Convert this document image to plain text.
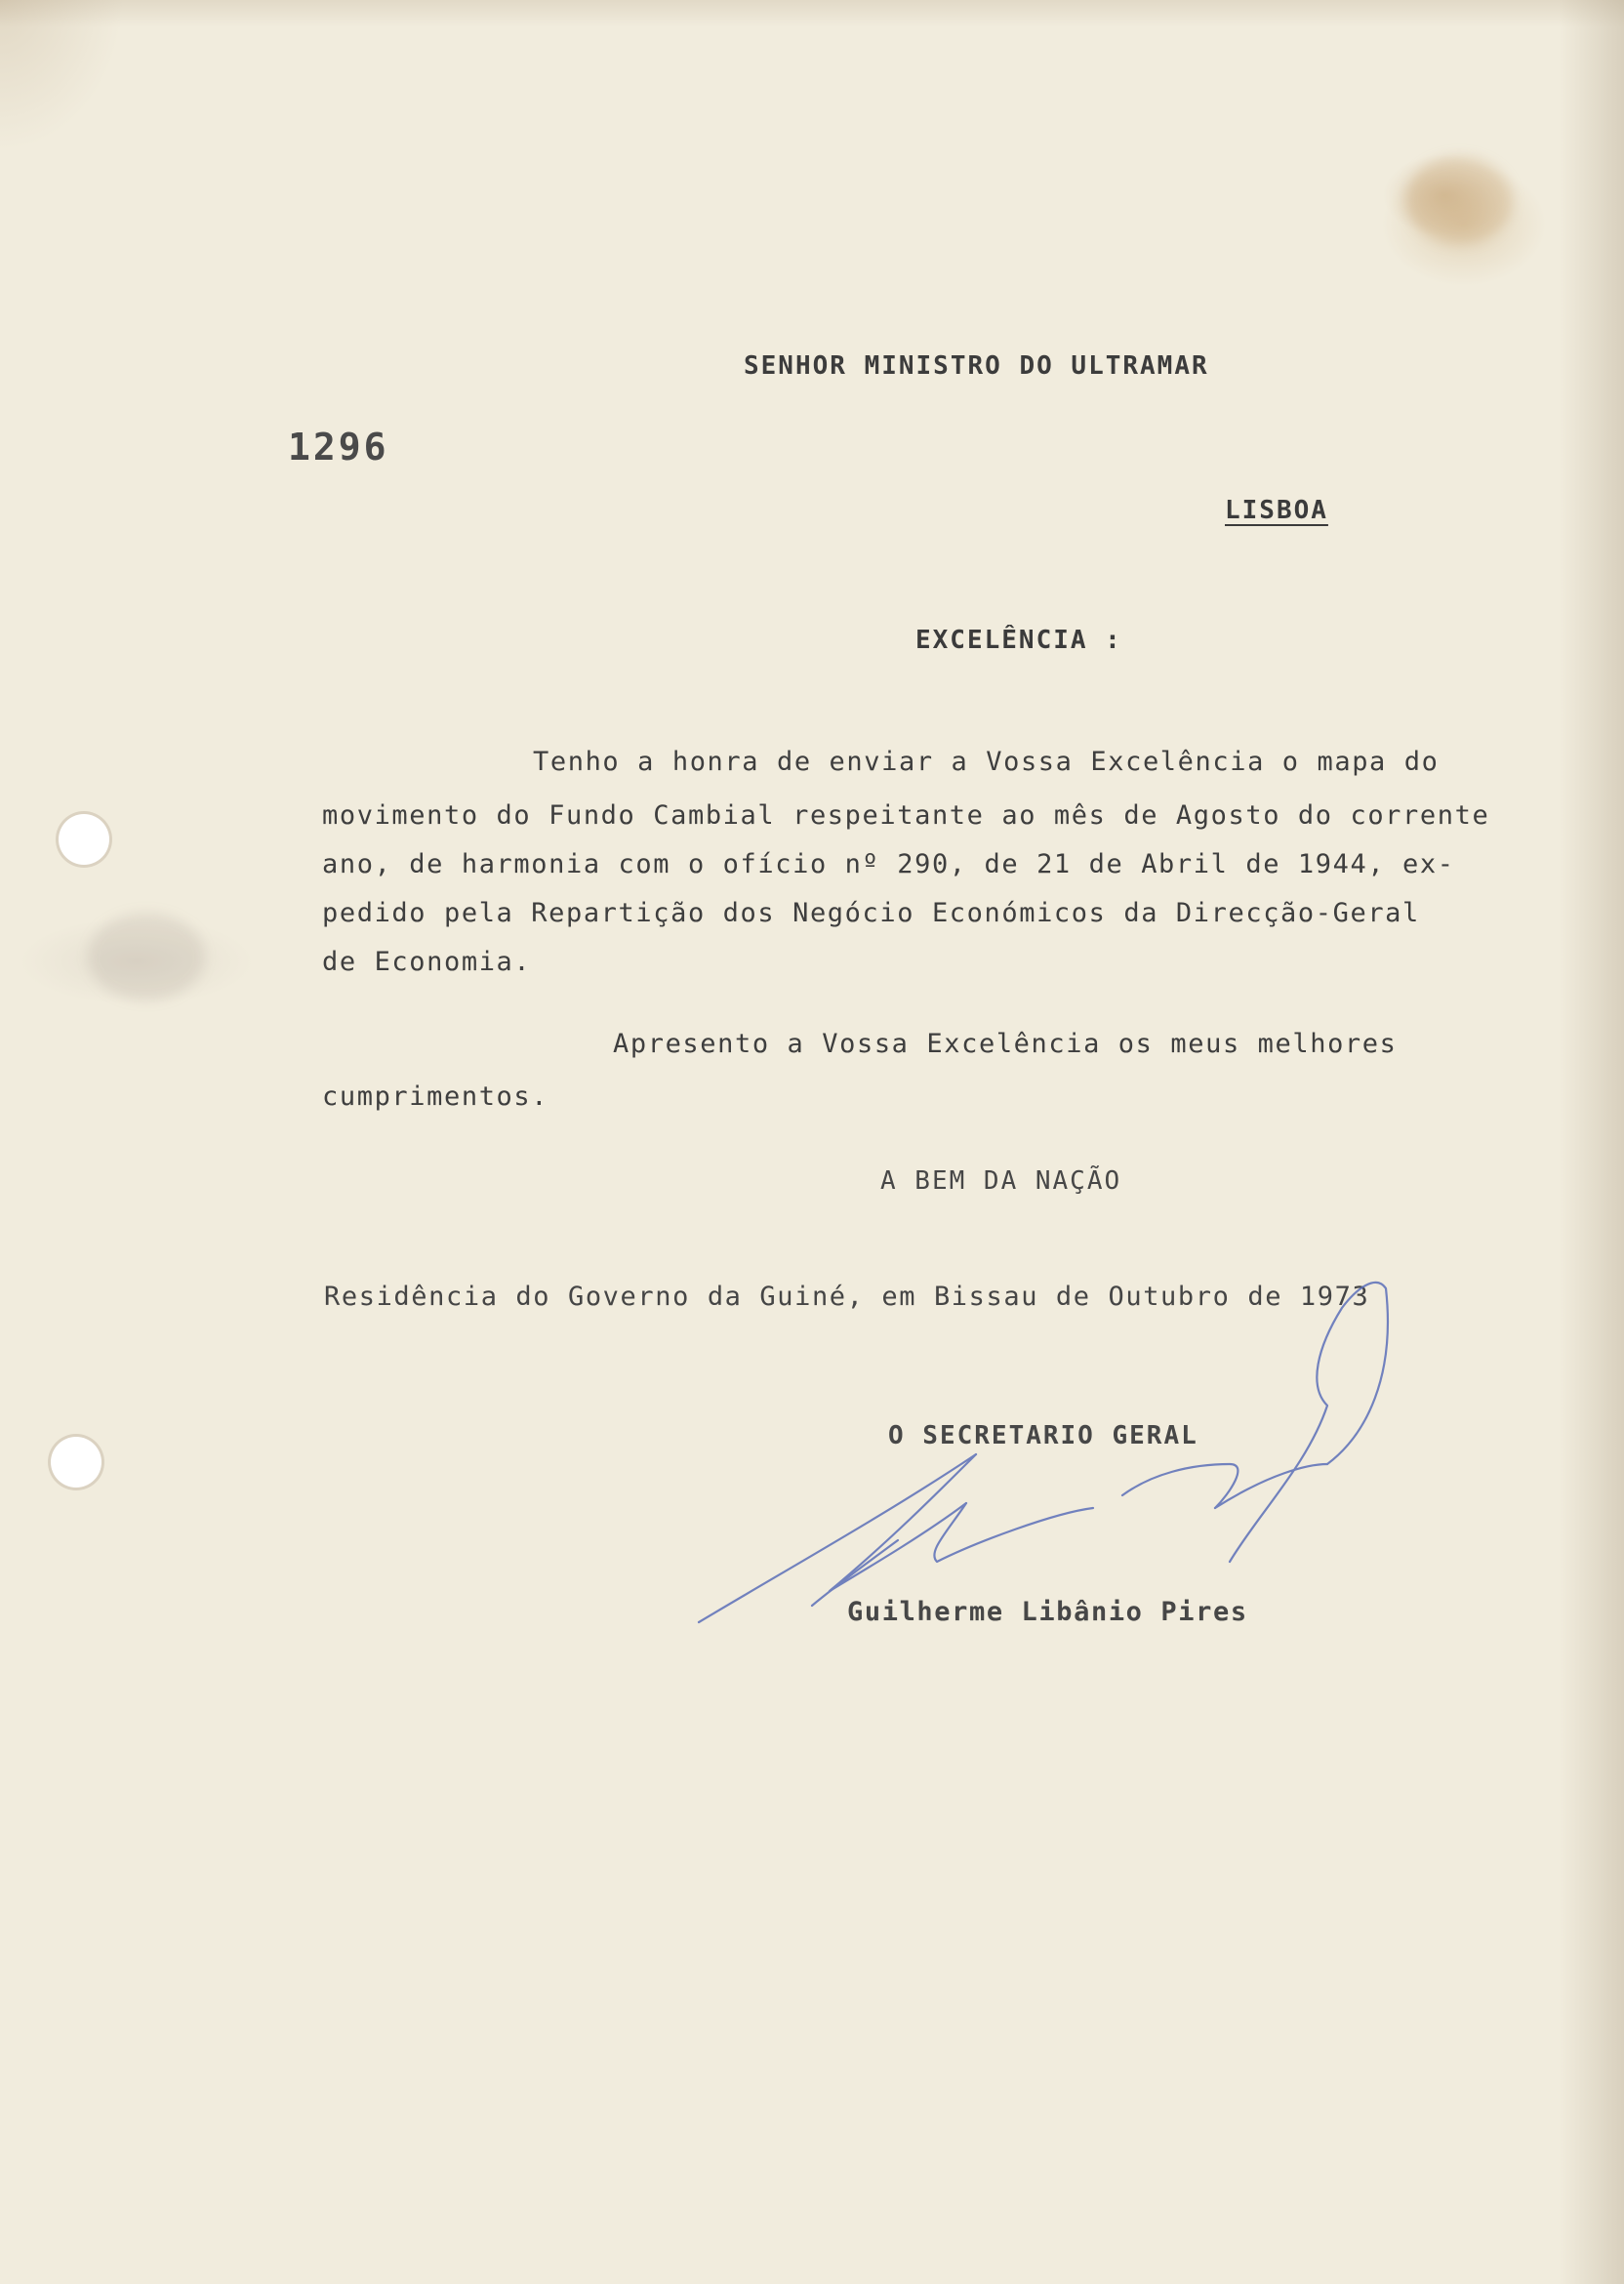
SENHOR MINISTRO DO ULTRAMAR
1296
LISBOA
EXCELÊNCIA :
Tenho a honra de enviar a Vossa Excelência o mapa do
movimento do Fundo Cambial respeitante ao mês de Agosto do corrente
ano, de harmonia com o ofício nº 290, de 21 de Abril de 1944, ex-
pedido pela Repartição dos Negócio Económicos da Direcção-Geral
de Economia.
Apresento a Vossa Excelência os meus melhores
cumprimentos.
A BEM DA NAÇÃO
Residência do Governo da Guiné, em Bissau de Outubro de 1973
O SECRETARIO GERAL
Guilherme Libânio Pires
